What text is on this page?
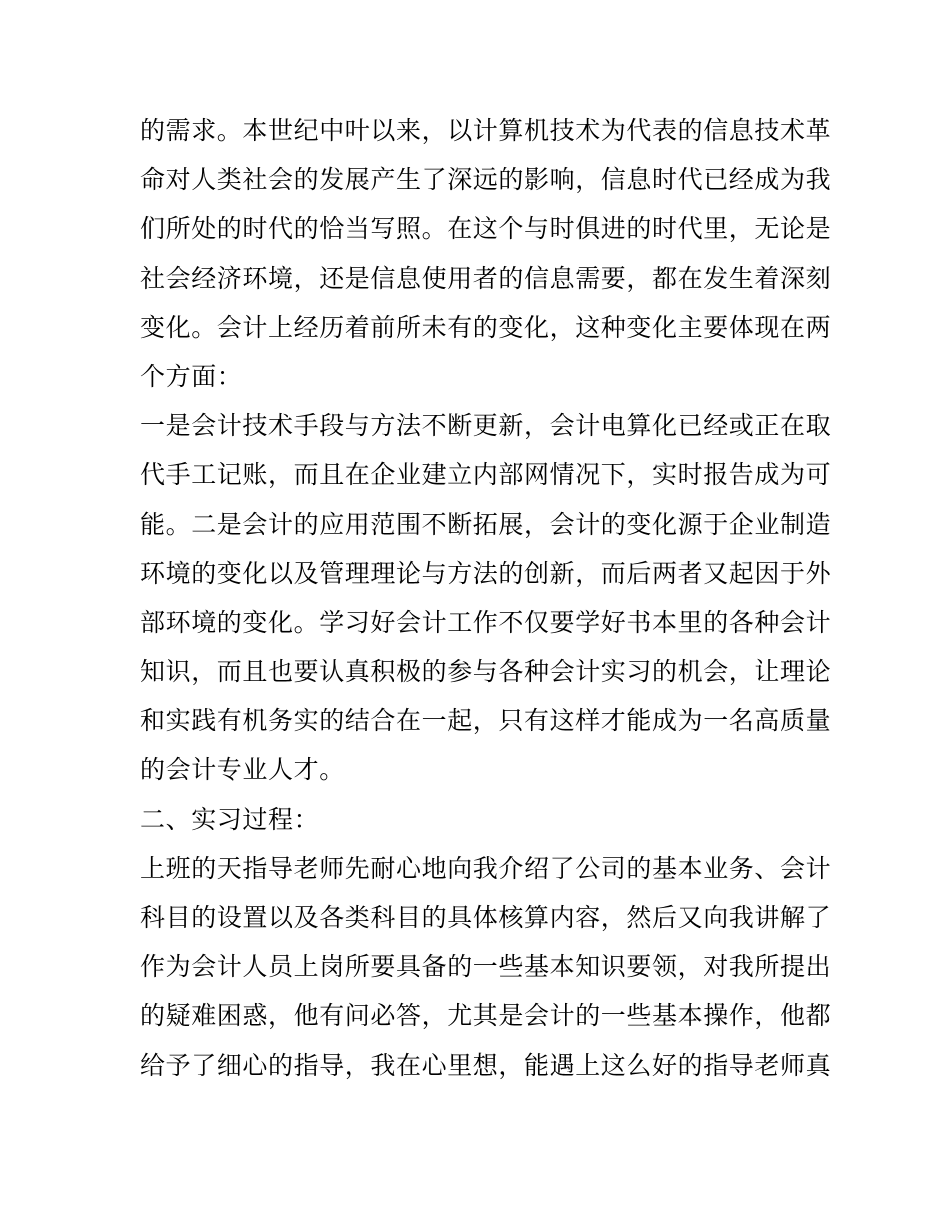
的需求。本世纪中叶以来，以计算机技术为代表的信息技术革
命对人类社会的发展产生了深远的影响，信息时代已经成为我
们所处的时代的恰当写照。在这个与时俱进的时代里，无论是
社会经济环境，还是信息使用者的信息需要，都在发生着深刻
变化。会计上经历着前所未有的变化，这种变化主要体现在两
个方面：
一是会计技术手段与方法不断更新，会计电算化已经或正在取
代手工记账，而且在企业建立内部网情况下，实时报告成为可
能。二是会计的应用范围不断拓展，会计的变化源于企业制造
环境的变化以及管理理论与方法的创新，而后两者又起因于外
部环境的变化。学习好会计工作不仅要学好书本里的各种会计
知识，而且也要认真积极的参与各种会计实习的机会，让理论
和实践有机务实的结合在一起，只有这样才能成为一名高质量
的会计专业人才。
二、实习过程：
上班的天指导老师先耐心地向我介绍了公司的基本业务、会计
科目的设置以及各类科目的具体核算内容，然后又向我讲解了
作为会计人员上岗所要具备的一些基本知识要领，对我所提出
的疑难困惑，他有问必答，尤其是会计的一些基本操作，他都
给予了细心的指导，我在心里想，能遇上这么好的指导老师真
